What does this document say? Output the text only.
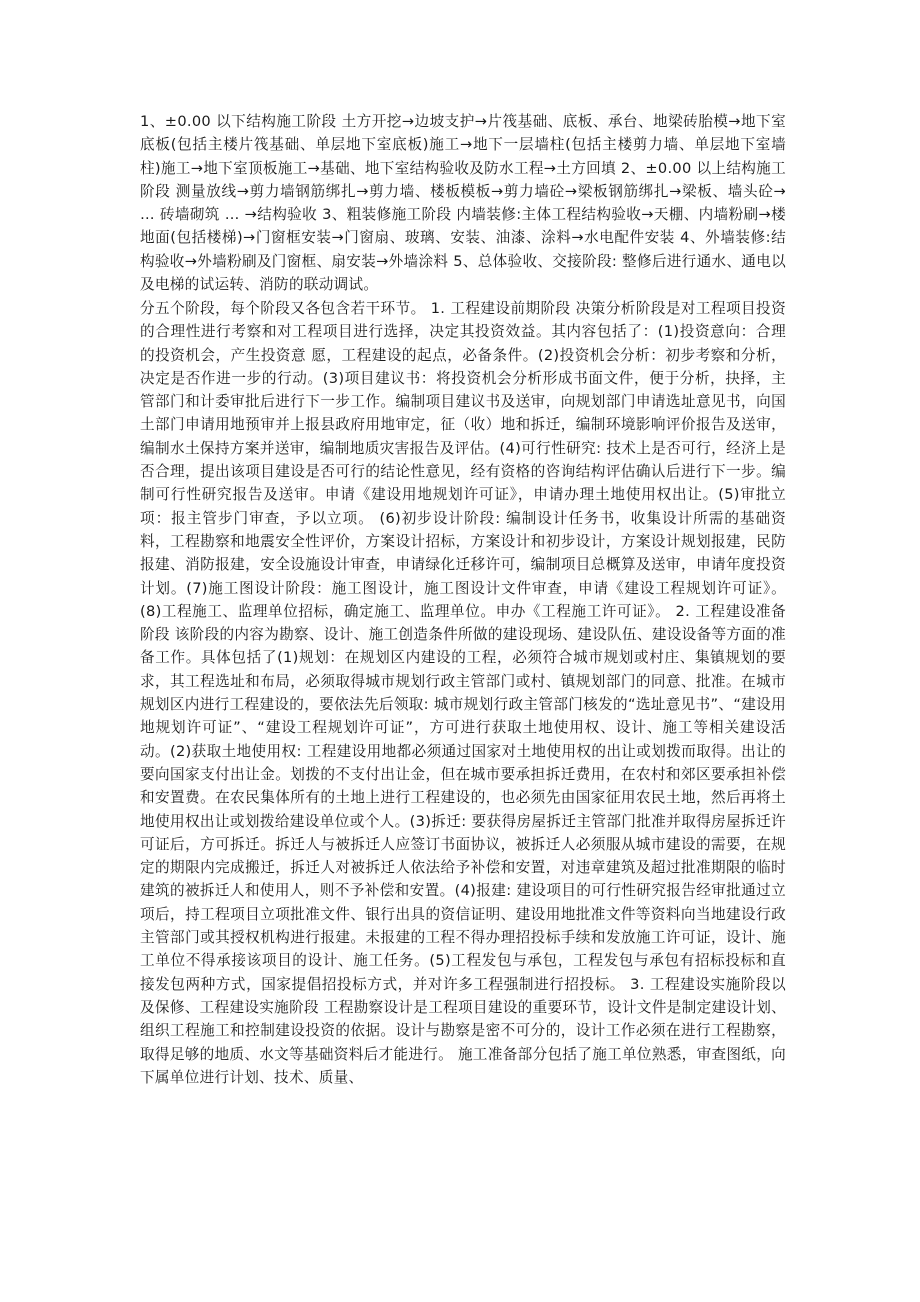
1、±0.00 以下结构施工阶段 土方开挖→边坡支护→片筏基础、底板、承台、地梁砖胎模→地下室底板(包括主楼片筏基础、单层地下室底板)施工→地下一层墙柱(包括主楼剪力墙、单层地下室墙柱)施工→地下室顶板施工→基础、地下室结构验收及防水工程→土方回填 2、±0.00 以上结构施工阶段 测量放线→剪力墙钢筋绑扎→剪力墙、楼板模板→剪力墙砼→梁板钢筋绑扎→梁板、墙头砼→ … 砖墙砌筑 … →结构验收 3、粗装修施工阶段 内墙装修:主体工程结构验收→天棚、内墙粉刷→楼地面(包括楼梯)→门窗框安装→门窗扇、玻璃、安装、油漆、涂料→水电配件安装 4、外墙装修:结构验收→外墙粉刷及门窗框、扇安装→外墙涂料 5、总体验收、交接阶段: 整修后进行通水、通电以及电梯的试运转、消防的联动调试。

分五个阶段，每个阶段又各包含若干环节。 1. 工程建设前期阶段 决策分析阶段是对工程项目投资的合理性进行考察和对工程项目进行选择，决定其投资效益。其内容包括了：(1)投资意向：合理的投资机会，产生投资意 愿，工程建设的起点，必备条件。(2)投资机会分析：初步考察和分析，决定是否作进一步的行动。(3)项目建议书：将投资机会分析形成书面文件，便于分析，抉择，主管部门和计委审批后进行下一步工作。编制项目建议书及送审，向规划部门申请选址意见书，向国土部门申请用地预审并上报县政府用地审定，征（收）地和拆迁，编制环境影响评价报告及送审，编制水土保持方案并送审，编制地质灾害报告及评估。(4)可行性研究: 技术上是否可行，经济上是否合理，提出该项目建设是否可行的结论性意见，经有资格的咨询结构评估确认后进行下一步。编制可行性研究报告及送审。申请《建设用地规划许可证》，申请办理土地使用权出让。(5)审批立项：报主管步门审查，予以立项。 (6)初步设计阶段: 编制设计任务书，收集设计所需的基础资料，工程勘察和地震安全性评价，方案设计招标，方案设计和初步设计，方案设计规划报建，民防报建、消防报建，安全设施设计审查，申请绿化迁移许可，编制项目总概算及送审，申请年度投资计划。(7)施工图设计阶段：施工图设计，施工图设计文件审查，申请《建设工程规划许可证》。(8)工程施工、监理单位招标，确定施工、监理单位。申办《工程施工许可证》。 2. 工程建设准备阶段 该阶段的内容为勘察、设计、施工创造条件所做的建设现场、建设队伍、建设设备等方面的准备工作。具体包括了(1)规划：在规划区内建设的工程，必须符合城市规划或村庄、集镇规划的要求，其工程选址和布局，必须取得城市规划行政主管部门或村、镇规划部门的同意、批准。在城市规划区内进行工程建设的，要依法先后领取: 城市规划行政主管部门核发的“选址意见书”、“建设用地规划许可证”、“建设工程规划许可证”，方可进行获取土地使用权、设计、施工等相关建设活动。(2)获取土地使用权: 工程建设用地都必须通过国家对土地使用权的出让或划拨而取得。出让的要向国家支付出让金。划拨的不支付出让金，但在城市要承担拆迁费用，在农村和郊区要承担补偿和安置费。在农民集体所有的土地上进行工程建设的，也必须先由国家征用农民土地，然后再将土地使用权出让或划拨给建设单位或个人。(3)拆迁: 要获得房屋拆迁主管部门批准并取得房屋拆迁许可证后，方可拆迁。拆迁人与被拆迁人应签订书面协议，被拆迁人必须服从城市建设的需要，在规定的期限内完成搬迁，拆迁人对被拆迁人依法给予补偿和安置，对违章建筑及超过批准期限的临时建筑的被拆迁人和使用人，则不予补偿和安置。(4)报建: 建设项目的可行性研究报告经审批通过立项后，持工程项目立项批准文件、银行出具的资信证明、建设用地批准文件等资料向当地建设行政主管部门或其授权机构进行报建。未报建的工程不得办理招投标手续和发放施工许可证，设计、施工单位不得承接该项目的设计、施工任务。(5)工程发包与承包，工程发包与承包有招标投标和直接发包两种方式，国家提倡招投标方式，并对许多工程强制进行招投标。 3. 工程建设实施阶段以及保修、工程建设实施阶段 工程勘察设计是工程项目建设的重要环节，设计文件是制定建设计划、组织工程施工和控制建设投资的依据。设计与勘察是密不可分的，设计工作必须在进行工程勘察，取得足够的地质、水文等基础资料后才能进行。 施工准备部分包括了施工单位熟悉，审查图纸，向下属单位进行计划、技术、质量、
